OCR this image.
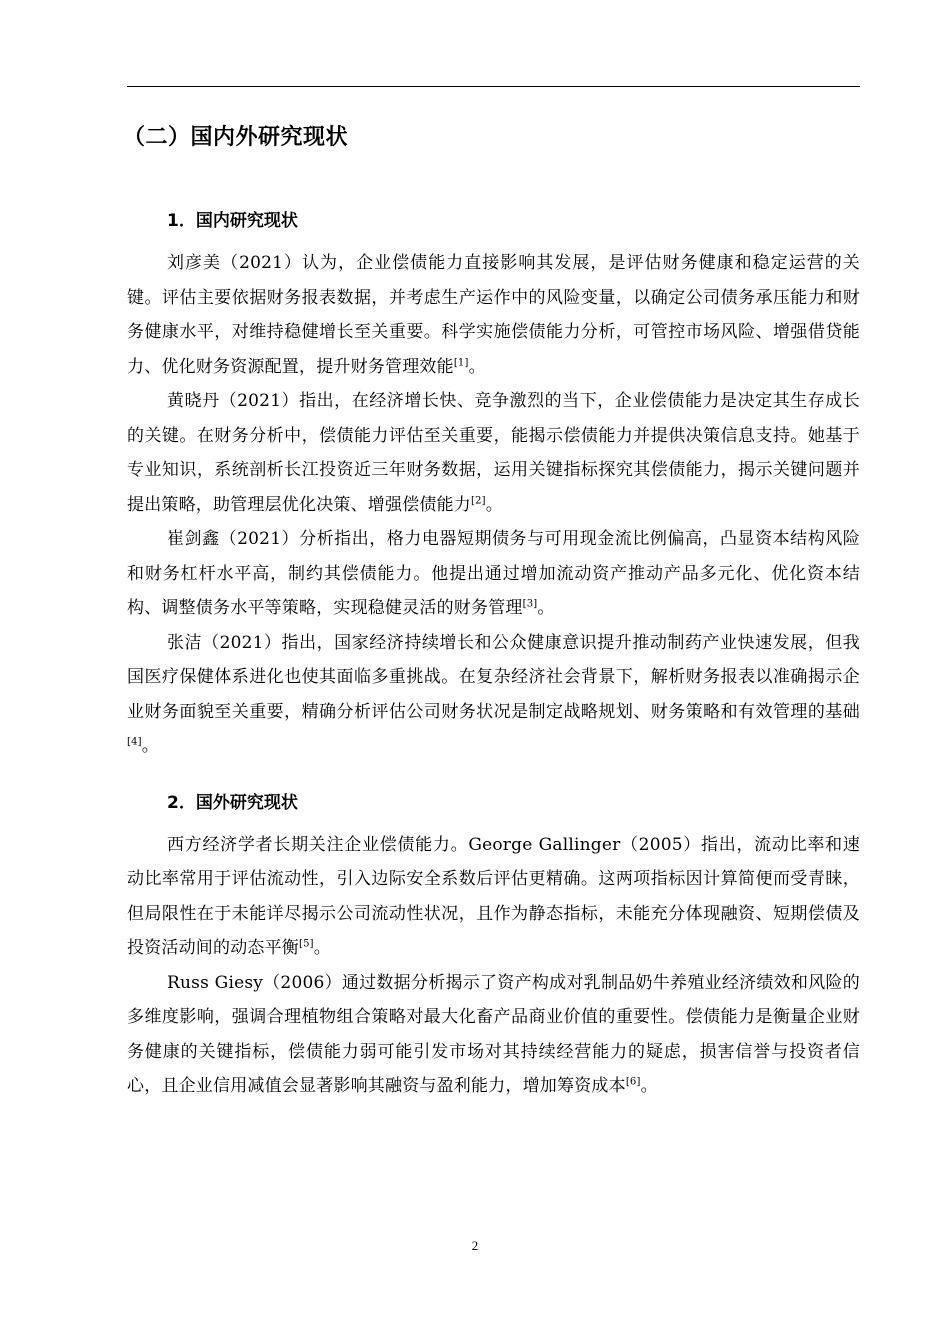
（二）国内外研究现状
1．国内研究现状

刘彦美（2021）认为，企业偿债能力直接影响其发展，是评估财务健康和稳定运营的关键。评估主要依据财务报表数据，并考虑生产运作中的风险变量，以确定公司债务承压能力和财务健康水平，对维持稳健增长至关重要。科学实施偿债能力分析，可管控市场风险、增强借贷能力、优化财务资源配置，提升财务管理效能[1]。

黄晓丹（2021）指出，在经济增长快、竞争激烈的当下，企业偿债能力是决定其生存成长的关键。在财务分析中，偿债能力评估至关重要，能揭示偿债能力并提供决策信息支持。她基于专业知识，系统剖析长江投资近三年财务数据，运用关键指标探究其偿债能力，揭示关键问题并提出策略，助管理层优化决策、增强偿债能力[2]。

崔剑鑫（2021）分析指出，格力电器短期债务与可用现金流比例偏高，凸显资本结构风险和财务杠杆水平高，制约其偿债能力。他提出通过增加流动资产推动产品多元化、优化资本结构、调整债务水平等策略，实现稳健灵活的财务管理[3]。

张洁（2021）指出，国家经济持续增长和公众健康意识提升推动制药产业快速发展，但我国医疗保健体系进化也使其面临多重挑战。在复杂经济社会背景下，解析财务报表以准确揭示企业财务面貌至关重要，精确分析评估公司财务状况是制定战略规划、财务策略和有效管理的基础[4]。

2．国外研究现状

西方经济学者长期关注企业偿债能力。George Gallinger（2005）指出，流动比率和速动比率常用于评估流动性，引入边际安全系数后评估更精确。这两项指标因计算简便而受青睐，但局限性在于未能详尽揭示公司流动性状况，且作为静态指标，未能充分体现融资、短期偿债及投资活动间的动态平衡[5]。

Russ Giesy（2006）通过数据分析揭示了资产构成对乳制品奶牛养殖业经济绩效和风险的多维度影响，强调合理植物组合策略对最大化畜产品商业价值的重要性。偿债能力是衡量企业财务健康的关键指标，偿债能力弱可能引发市场对其持续经营能力的疑虑，损害信誉与投资者信心，且企业信用减值会显著影响其融资与盈利能力，增加筹资成本[6]。

2
